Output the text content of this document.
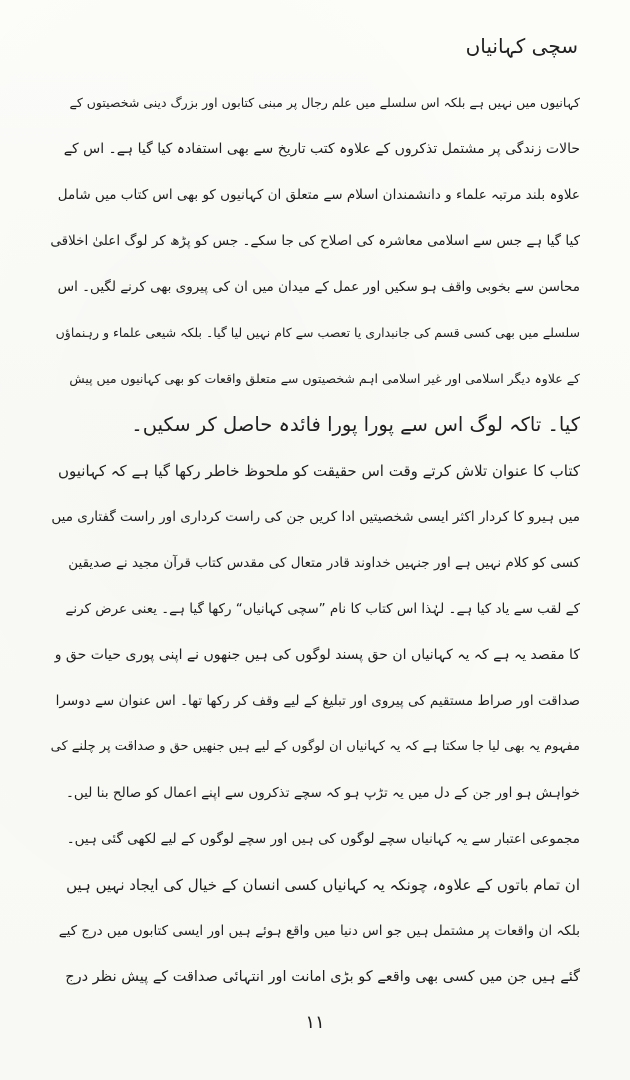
سچی کہانیاں
کہانیوں میں نہیں ہے بلکہ اس سلسلے میں علم رجال پر مبنی کتابوں اور بزرگ دینی شخصیتوں کے
حالات زندگی پر مشتمل تذکروں کے علاوہ کتب تاریخ سے بھی استفادہ کیا گیا ہے۔ اس کے
علاوہ بلند مرتبہ علماء و دانشمندان اسلام سے متعلق ان کہانیوں کو بھی اس کتاب میں شامل
کیا گیا ہے جس سے اسلامی معاشرہ کی اصلاح کی جا سکے۔ جس کو پڑھ کر لوگ اعلیٰ اخلاقی
محاسن سے بخوبی واقف ہو سکیں اور عمل کے میدان میں ان کی پیروی بھی کرنے لگیں۔ اس
سلسلے میں بھی کسی قسم کی جانبداری یا تعصب سے کام نہیں لیا گیا۔ بلکہ شیعی علماء و رہنماؤں
کے علاوہ دیگر اسلامی اور غیر اسلامی اہم شخصیتوں سے متعلق واقعات کو بھی کہانیوں میں پیش
کیا۔ تاکہ لوگ اس سے پورا پورا فائدہ حاصل کر سکیں۔
کتاب کا عنوان تلاش کرتے وقت اس حقیقت کو ملحوظ خاطر رکھا گیا ہے کہ کہانیوں
میں ہیرو کا کردار اکثر ایسی شخصیتیں ادا کریں جن کی راست کرداری اور راست گفتاری میں
کسی کو کلام نہیں ہے اور جنہیں خداوند قادر متعال کی مقدس کتاب قرآن مجید نے صدیقین
کے لقب سے یاد کیا ہے۔ لہٰذا اس کتاب کا نام ”سچی کہانیاں“ رکھا گیا ہے۔ یعنی عرض کرنے
کا مقصد یہ ہے کہ یہ کہانیاں ان حق پسند لوگوں کی ہیں جنھوں نے اپنی پوری حیات حق و
صداقت اور صراط مستقیم کی پیروی اور تبلیغ کے لیے وقف کر رکھا تھا۔ اس عنوان سے دوسرا
مفہوم یہ بھی لیا جا سکتا ہے کہ یہ کہانیاں ان لوگوں کے لیے ہیں جنھیں حق و صداقت پر چلنے کی
خواہش ہو اور جن کے دل میں یہ تڑپ ہو کہ سچے تذکروں سے اپنے اعمال کو صالح بنا لیں۔
مجموعی اعتبار سے یہ کہانیاں سچے لوگوں کی ہیں اور سچے لوگوں کے لیے لکھی گئی ہیں۔
ان تمام باتوں کے علاوہ، چونکہ یہ کہانیاں کسی انسان کے خیال کی ایجاد نہیں ہیں
بلکہ ان واقعات پر مشتمل ہیں جو اس دنیا میں واقع ہوئے ہیں اور ایسی کتابوں میں درج کیے
گئے ہیں جن میں کسی بھی واقعے کو بڑی امانت اور انتہائی صداقت کے پیش نظر درج
۱۱
